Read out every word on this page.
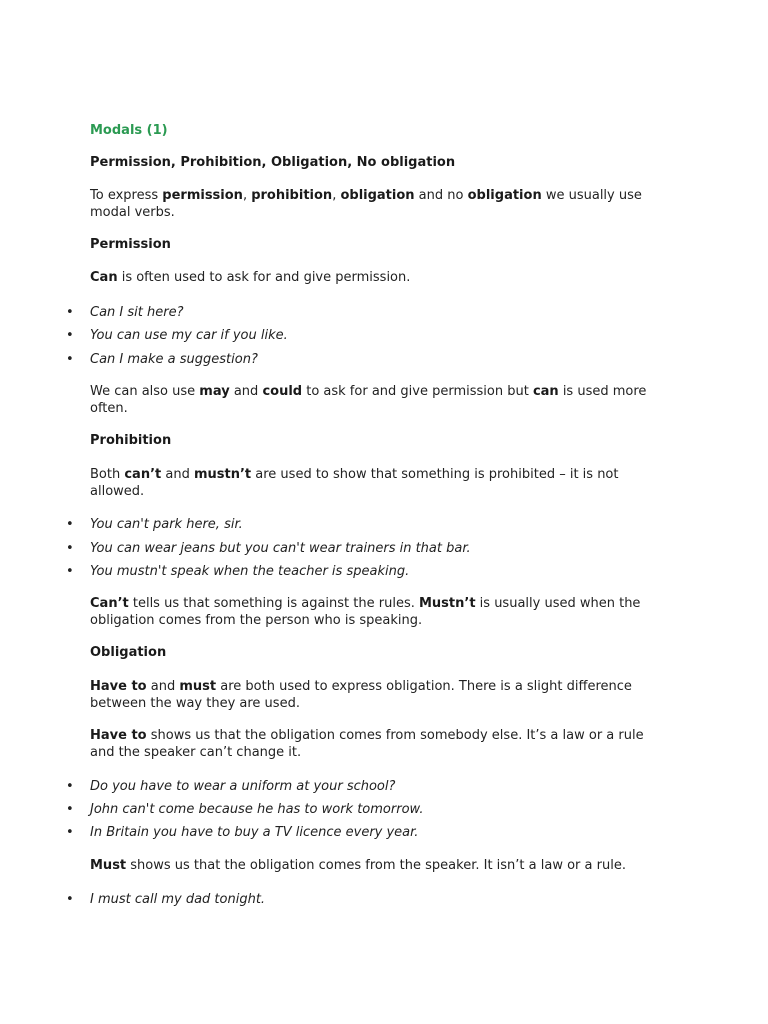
Modals (1)

Permission, Prohibition, Obligation, No obligation

To express permission, prohibition, obligation and no obligation we usually use modal verbs.

Permission

Can is often used to ask for and give permission.

• Can I sit here?

• You can use my car if you like.

• Can I make a suggestion?

We can also use may and could to ask for and give permission but can is used more often.

Prohibition

Both can’t and mustn’t are used to show that something is prohibited – it is not allowed.

• You can't park here, sir.

• You can wear jeans but you can't wear trainers in that bar.

• You mustn't speak when the teacher is speaking.

Can’t tells us that something is against the rules. Mustn’t is usually used when the obligation comes from the person who is speaking.

Obligation

Have to and must are both used to express obligation. There is a slight difference between the way they are used.

Have to shows us that the obligation comes from somebody else. It’s a law or a rule and the speaker can’t change it.

• Do you have to wear a uniform at your school?

• John can't come because he has to work tomorrow.

• In Britain you have to buy a TV licence every year.

Must shows us that the obligation comes from the speaker. It isn’t a law or a rule.

• I must call my dad tonight.
